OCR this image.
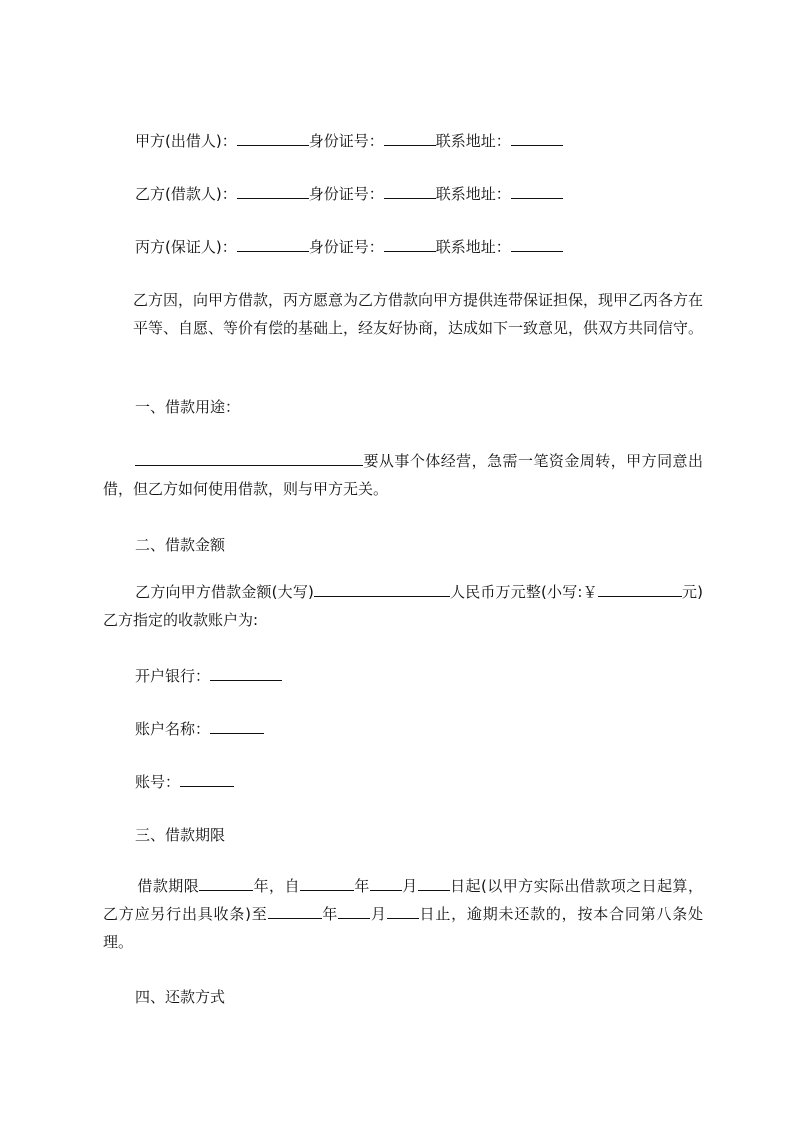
甲方(出借人)：	身份证号：	联系地址：
乙方(借款人)：	身份证号：	联系地址：
丙方(保证人)：	身份证号：	联系地址：
乙方因，向甲方借款，丙方愿意为乙方借款向甲方提供连带保证担保，现甲乙丙各方在平等、自愿、等价有偿的基础上，经友好协商，达成如下一致意见，供双方共同信守。
一、借款用途：
要从事个体经营，急需一笔资金周转，甲方同意出借，但乙方如何使用借款，则与甲方无关。
二、借款金额
乙方向甲方借款金额(大写)	人民币万元整(小写:￥	元)乙方指定的收款账户为:
开户银行：
账户名称：
账号：
三、借款期限
借款期限	年，自	年 月 日起(以甲方实际出借款项之日起算，乙方应另行出具收条)至	年 月 日止，逾期未还款的，按本合同第八条处理。
四、还款方式
